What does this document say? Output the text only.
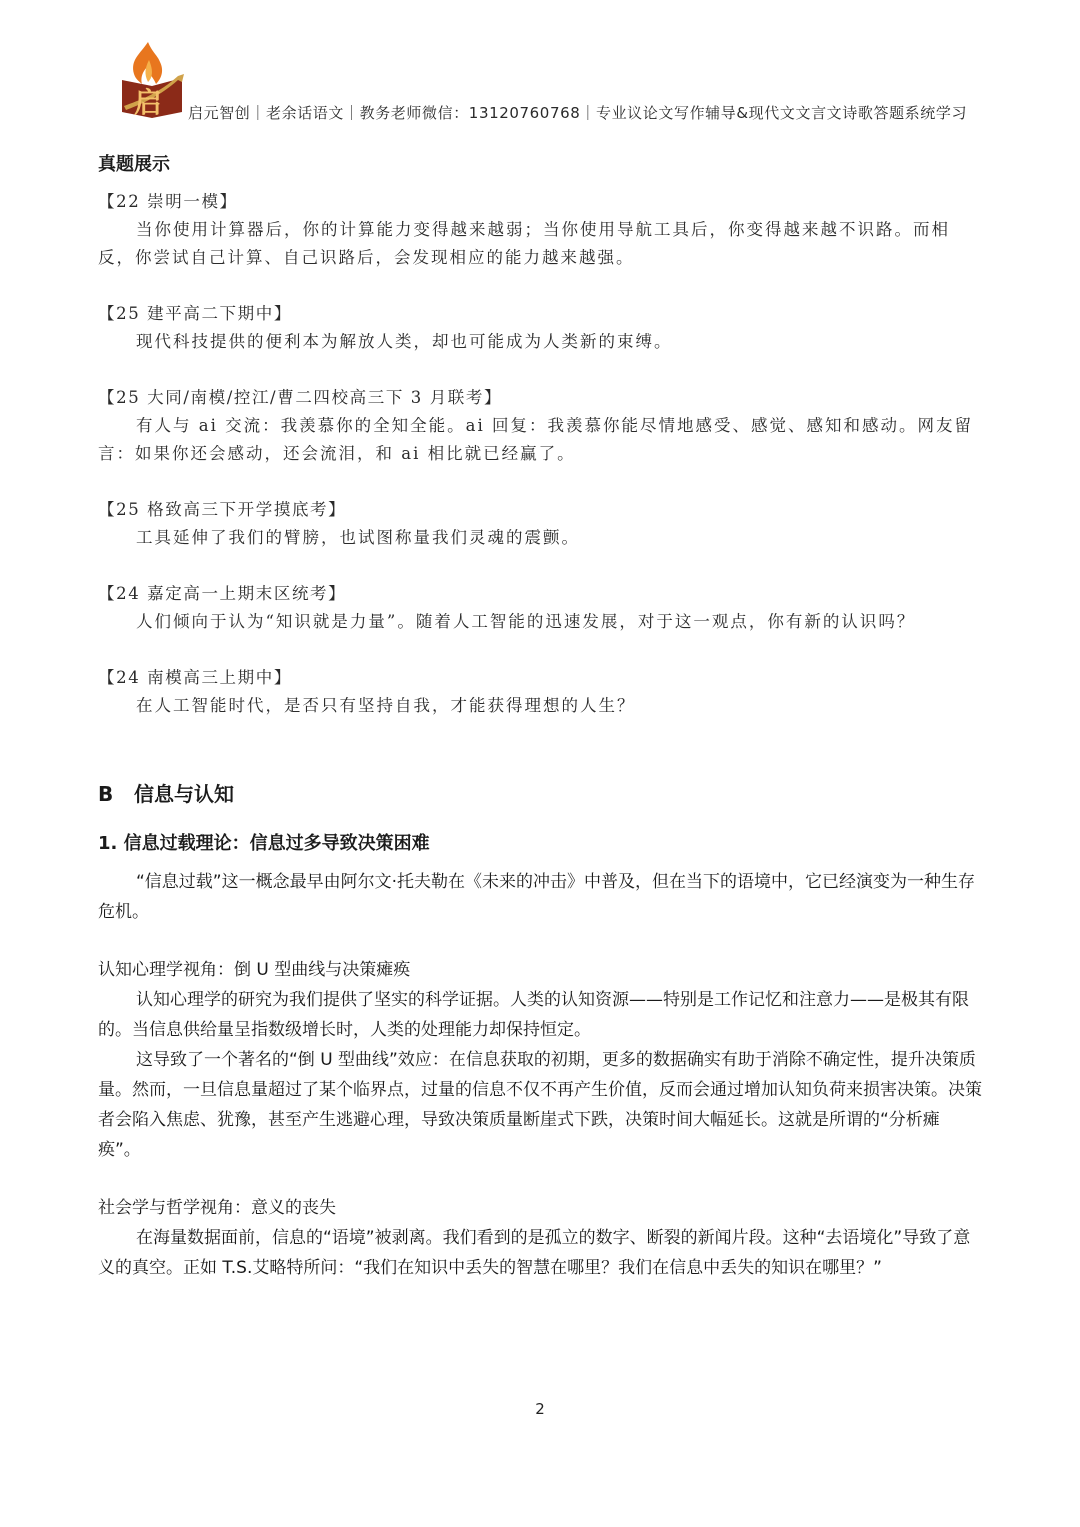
启 启元智创｜老余话语文｜教务老师微信：13120760768｜专业议论文写作辅导&现代文文言文诗歌答题系统学习
真题展示
【22 崇明一模】
当你使用计算器后，你的计算能力变得越来越弱；当你使用导航工具后，你变得越来越不识路。而相反，你尝试自己计算、自己识路后，会发现相应的能力越来越强。
【25 建平高二下期中】
现代科技提供的便利本为解放人类，却也可能成为人类新的束缚。
【25 大同/南模/控江/曹二四校高三下 3 月联考】
有人与 ai 交流：我羡慕你的全知全能。ai 回复：我羡慕你能尽情地感受、感觉、感知和感动。网友留言：如果你还会感动，还会流泪，和 ai 相比就已经赢了。
【25 格致高三下开学摸底考】
工具延伸了我们的臂膀，也试图称量我们灵魂的震颤。
【24 嘉定高一上期末区统考】
人们倾向于认为“知识就是力量”。随着人工智能的迅速发展，对于这一观点，你有新的认识吗？
【24 南模高三上期中】
在人工智能时代，是否只有坚持自我，才能获得理想的人生？
B 信息与认知
1. 信息过载理论：信息过多导致决策困难

“信息过载”这一概念最早由阿尔文·托夫勒在《未来的冲击》中普及，但在当下的语境中，它已经演变为一种生存危机。

认知心理学视角：倒 U 型曲线与决策瘫痪

认知心理学的研究为我们提供了坚实的科学证据。人类的认知资源——特别是工作记忆和注意力——是极其有限的。当信息供给量呈指数级增长时，人类的处理能力却保持恒定。

这导致了一个著名的“倒 U 型曲线”效应：在信息获取的初期，更多的数据确实有助于消除不确定性，提升决策质量。然而，一旦信息量超过了某个临界点，过量的信息不仅不再产生价值，反而会通过增加认知负荷来损害决策。决策者会陷入焦虑、犹豫，甚至产生逃避心理，导致决策质量断崖式下跌，决策时间大幅延长。这就是所谓的“分析瘫痪”。

社会学与哲学视角：意义的丧失

在海量数据面前，信息的“语境”被剥离。我们看到的是孤立的数字、断裂的新闻片段。这种“去语境化”导致了意义的真空。正如 T.S.艾略特所问：“我们在知识中丢失的智慧在哪里？我们在信息中丢失的知识在哪里？”

2
